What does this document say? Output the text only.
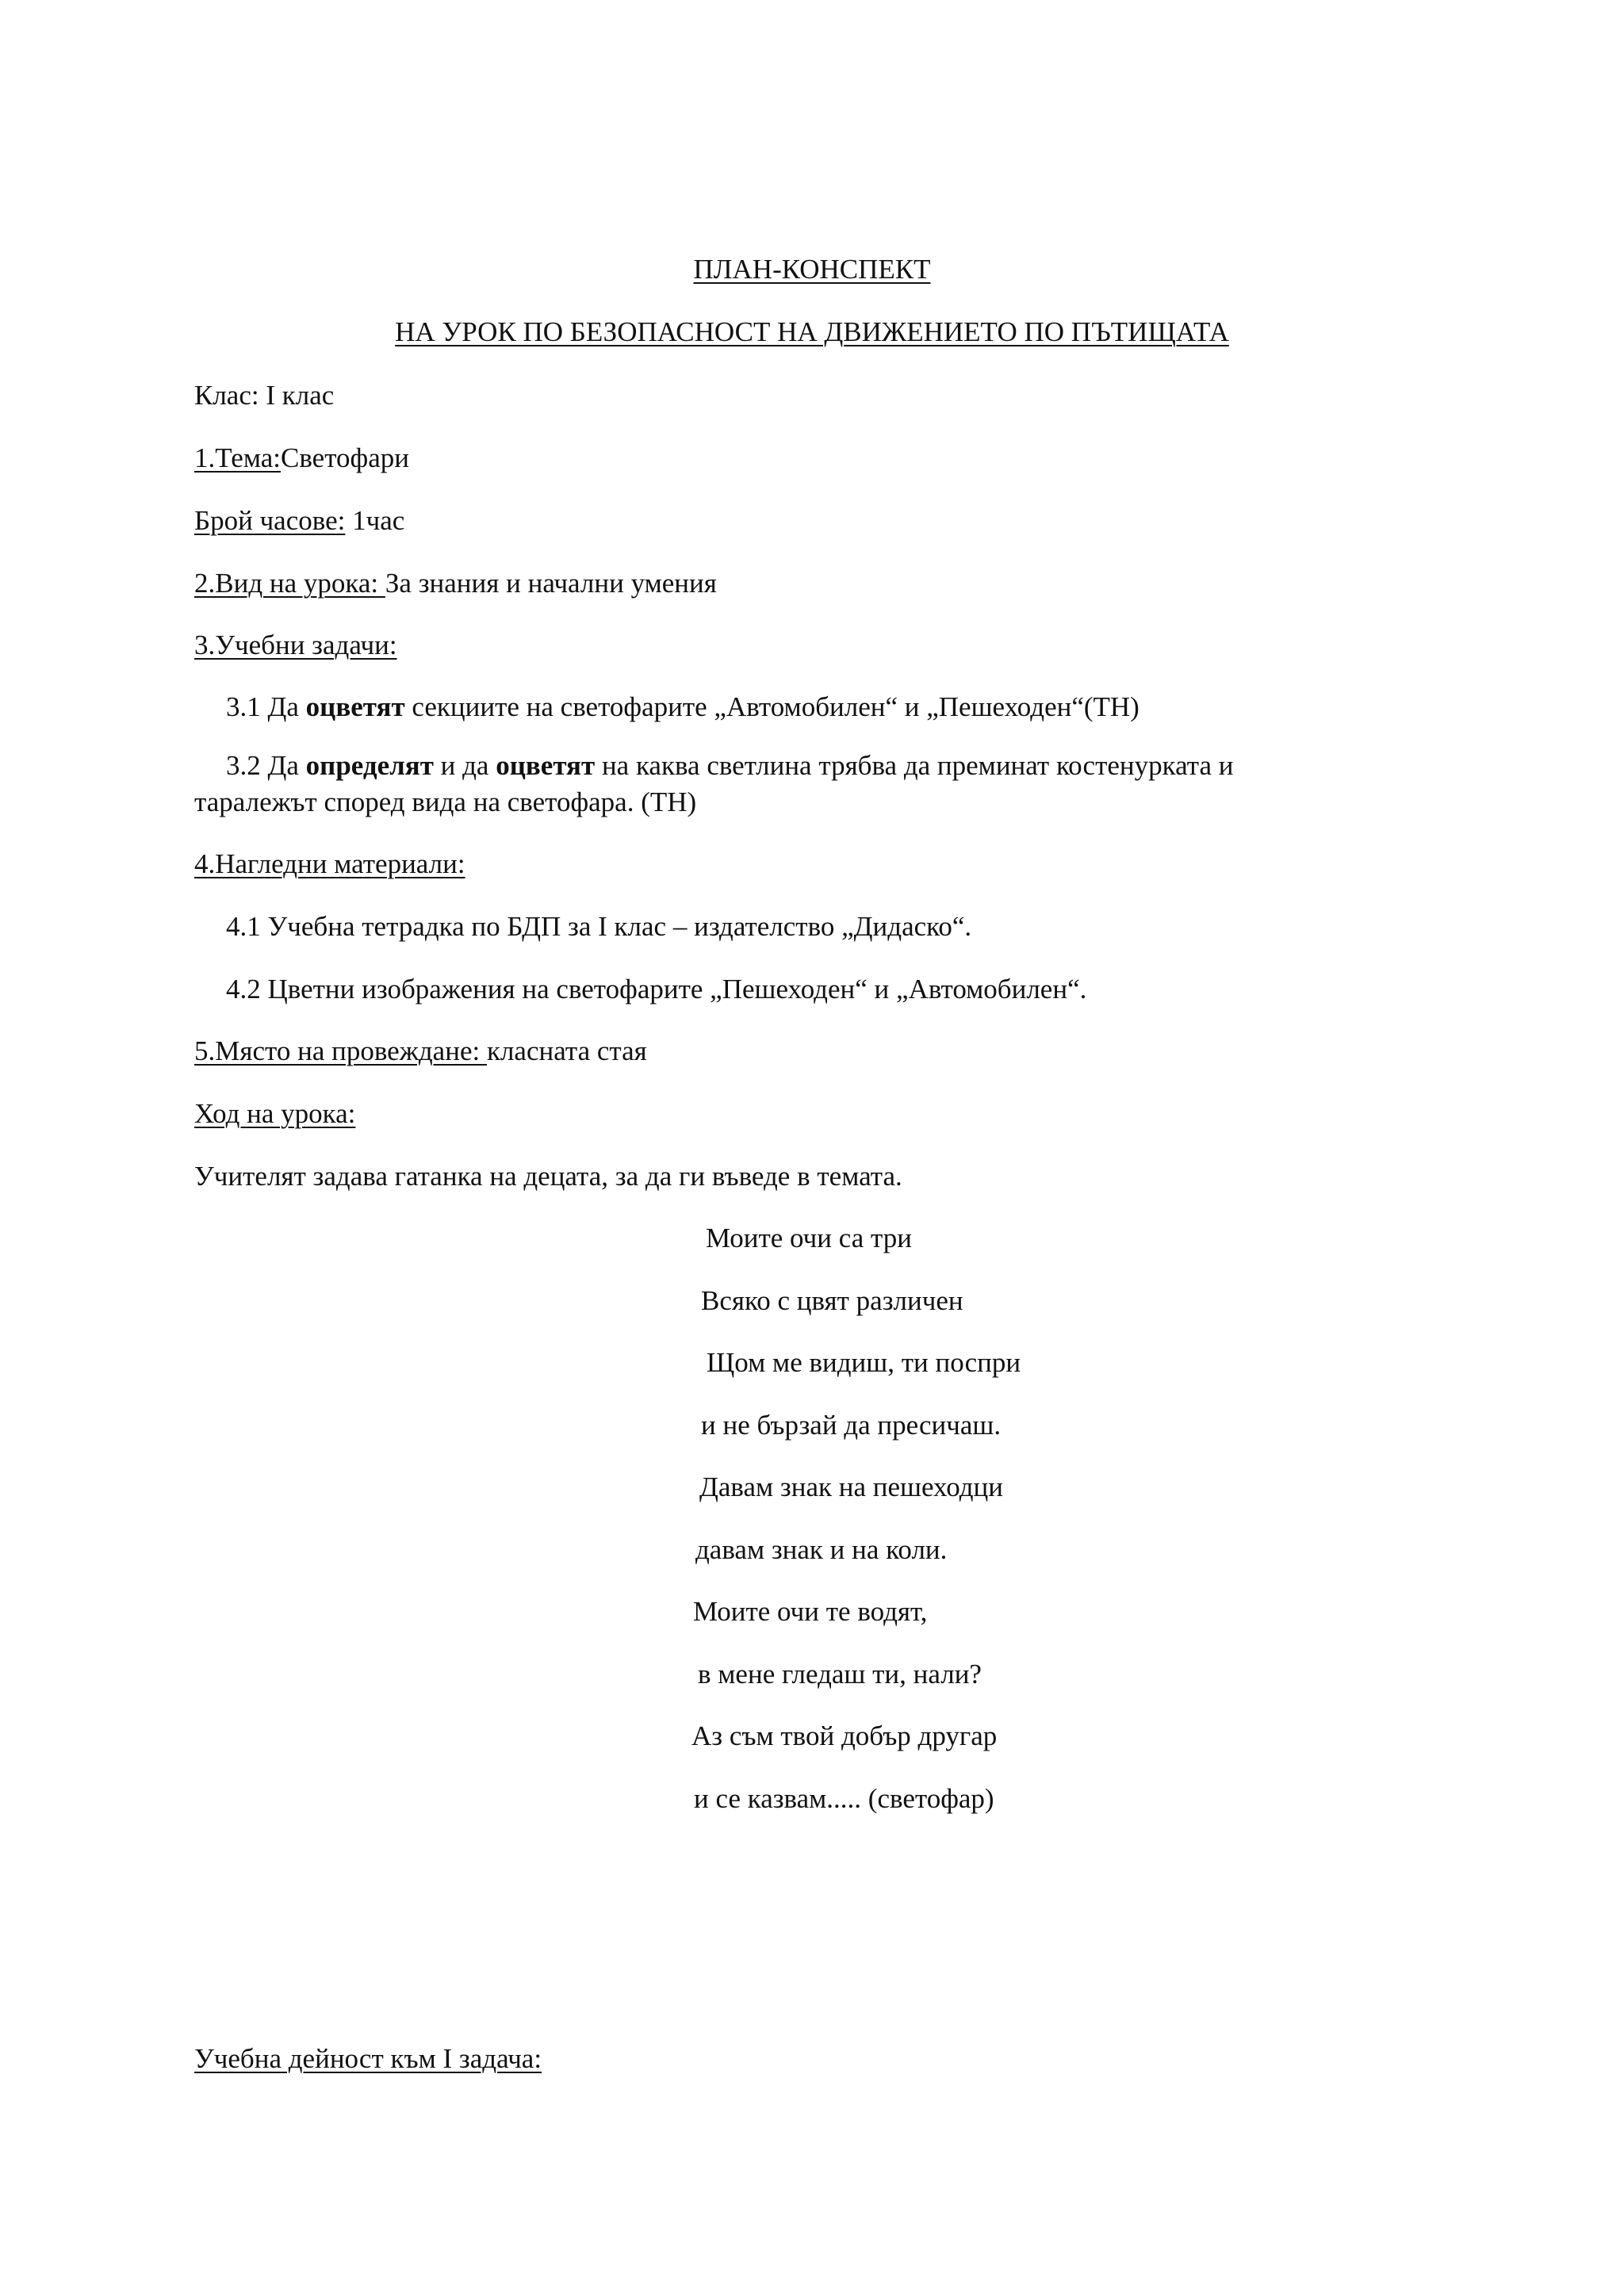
ПЛАН-КОНСПЕКТ
НА УРОК ПО БЕЗОПАСНОСТ НА ДВИЖЕНИЕТО ПО ПЪТИЩАТА
Клас: I клас
1.Тема:Светофари
Брой часове: 1час
2.Вид на урока: За знания и начални умения
3.Учебни задачи:
3.1 Да оцветят секциите на светофарите „Автомобилен“ и „Пешеходен“(ТН)
3.2 Да определят и да оцветят на каква светлина трябва да преминат костенурката и
таралежът според вида на светофара. (ТН)
4.Нагледни материали:
4.1 Учебна тетрадка по БДП за I клас – издателство „Дидаско“.
4.2 Цветни изображения на светофарите „Пешеходен“ и „Автомобилен“.
5.Място на провеждане: класната стая
Ход на урока:
Учителят задава гатанка на децата, за да ги въведе в темата.
Моите очи са три
Всяко с цвят различен
Щом ме видиш, ти поспри
и не бързай да пресичаш.
Давам знак на пешеходци
давам знак и на коли.
Моите очи те водят,
в мене гледаш ти, нали?
Аз съм твой добър другар
и се казвам..... (светофар)
Учебна дейност към I задача:
